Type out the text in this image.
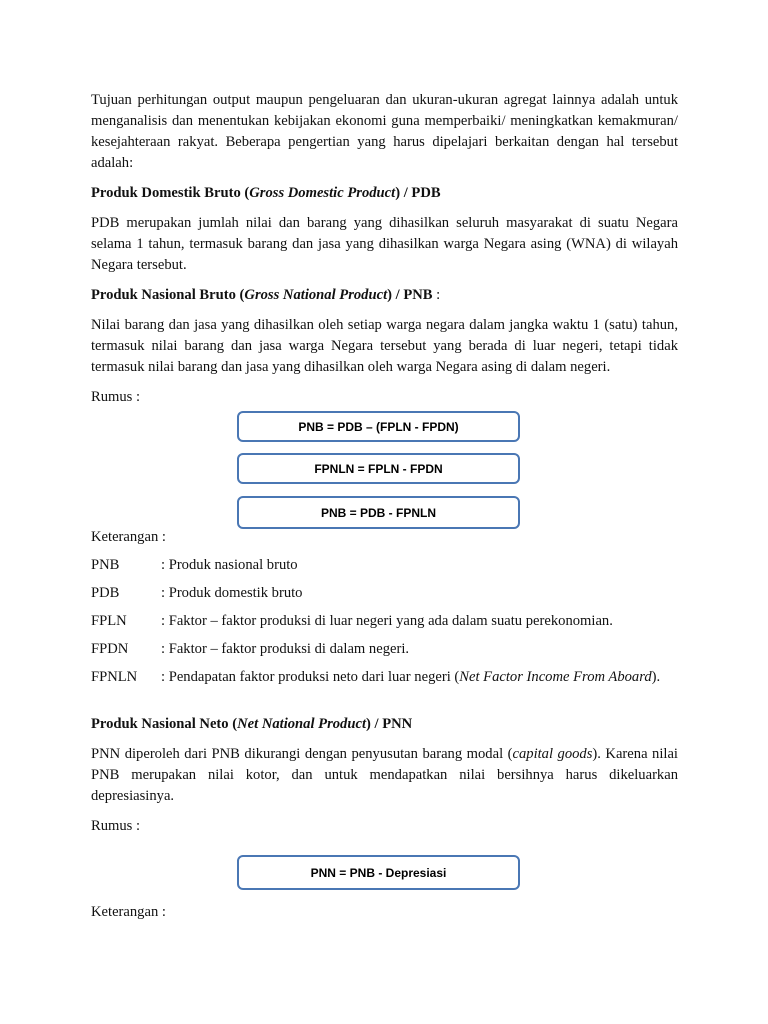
Tujuan perhitungan output maupun pengeluaran dan ukuran-ukuran agregat lainnya adalah untuk menganalisis dan menentukan kebijakan ekonomi guna memperbaiki/ meningkatkan kemakmuran/ kesejahteraan rakyat. Beberapa pengertian yang harus dipelajari berkaitan dengan hal tersebut adalah:

Produk Domestik Bruto (Gross Domestic Product) / PDB

PDB merupakan jumlah nilai dan barang yang dihasilkan seluruh masyarakat di suatu Negara selama 1 tahun, termasuk barang dan jasa yang dihasilkan warga Negara asing (WNA) di wilayah Negara tersebut.

Produk Nasional Bruto (Gross National Product) / PNB :

Nilai barang dan jasa yang dihasilkan oleh setiap warga negara dalam jangka waktu 1 (satu) tahun, termasuk nilai barang dan jasa warga Negara tersebut yang berada di luar negeri, tetapi tidak termasuk nilai barang dan jasa yang dihasilkan oleh warga Negara asing di dalam negeri.

Rumus :

PNB = PDB – (FPLN - FPDN)
FPNLN = FPLN - FPDN
PNB = PDB - FPNLN

Keterangan :

PNB	: Produk nasional bruto
PDB	: Produk domestik bruto
FPLN	: Faktor – faktor produksi di luar negeri yang ada dalam suatu perekonomian.
FPDN	: Faktor – faktor produksi di dalam negeri.
FPNLN	: Pendapatan faktor produksi neto dari luar negeri (Net Factor Income From Aboard).

Produk Nasional Neto (Net National Product) / PNN

PNN diperoleh dari PNB dikurangi dengan penyusutan barang modal (capital goods). Karena nilai PNB merupakan nilai kotor, dan untuk mendapatkan nilai bersihnya harus dikeluarkan depresiasinya.

Rumus :

PNN = PNB - Depresiasi

Keterangan :
